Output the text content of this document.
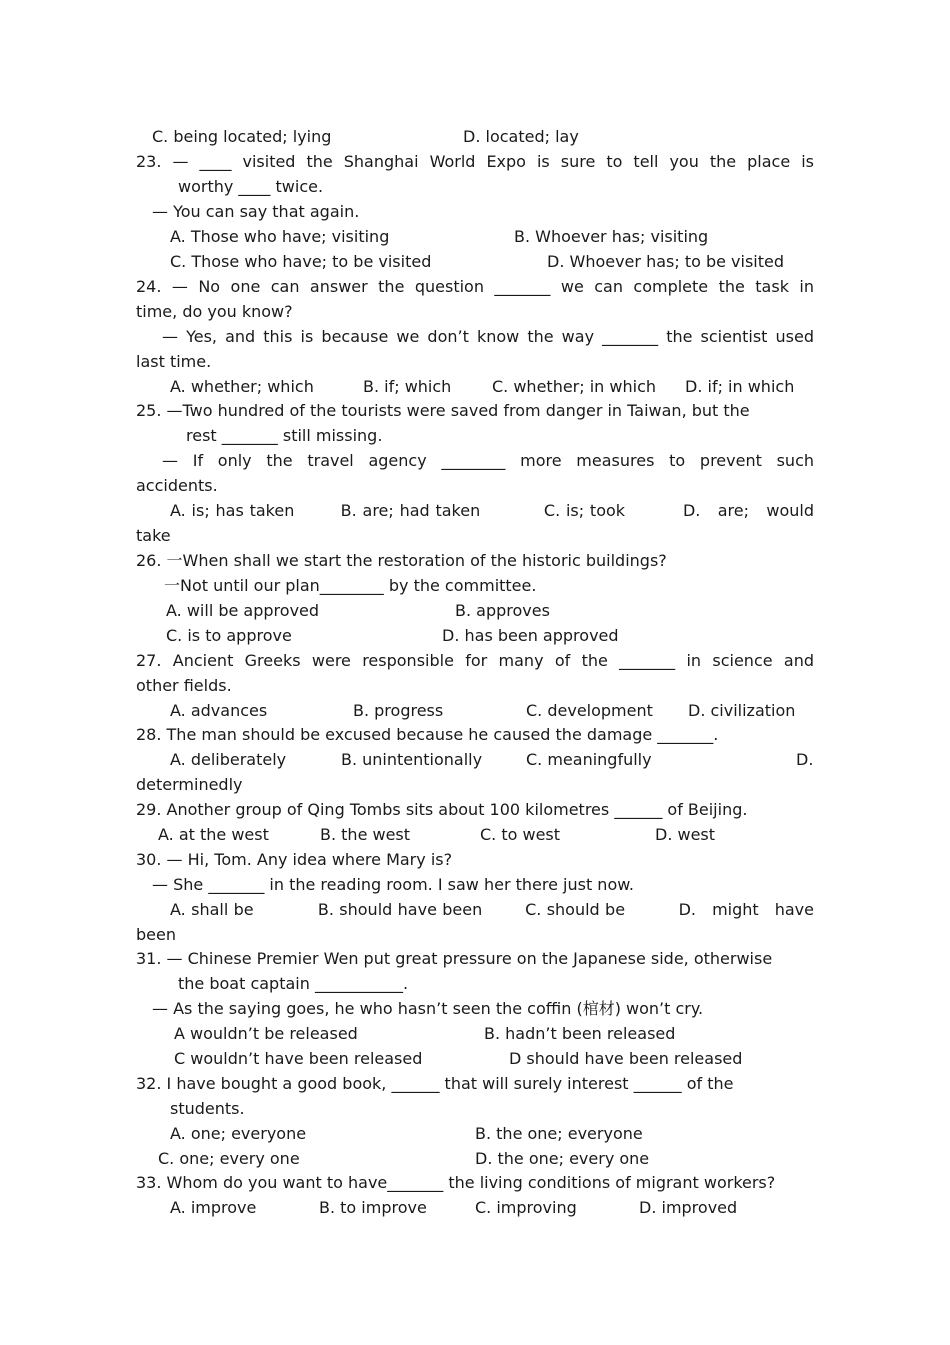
C. being located; lying

	D. located; lay

23. — ____ visited the Shanghai World Expo is sure to tell you the place is
worthy ____ twice.
— You can say that again.

A. Those who have; visiting

	B. Whoever has; visiting

C. Those who have; to be visited

	D. Whoever has; to be visited

24. — No one can answer the question _______ we can complete the task in
time, do you know?
— Yes, and this is because we don’t know the way _______ the scientist used
last time.

A. whether; which

	B. if; which

	C. whether; in which

D. if; in which

25. —Two hundred of the tourists were saved from danger in Taiwan, but the
rest _______ still missing.
— If only the travel agency ________ more measures to prevent such
accidents.
A. is; has taken        B. are; had taken           C. is; took          D.   are;   would
take
26. 一When shall we start the restoration of the historic buildings?
一Not until our plan________ by the committee.

A. will be approved

	B. approves

C. is to approve

	D. has been approved

27. Ancient Greeks were responsible for many of the _______ in science and
other fields.

A. advances

	B. progress

	C. development

D. civilization

28. The man should be excused because he caused the damage _______.

A. deliberately

	B. unintentionally

	C. meaningfully

	D.

determinedly
29. Another group of Qing Tombs sits about 100 kilometres ______ of Beijing.

A. at the west

	B. the west

	C. to west

	D. west

30. — Hi, Tom. Any idea where Mary is?
— She _______ in the reading room. I saw her there just now.
A. shall be            B. should have been        C. should be          D.   might   have
been
31. — Chinese Premier Wen put great pressure on the Japanese side, otherwise
the boat captain ___________.
— As the saying goes, he who hasn’t seen the coffin (棺材) won’t cry.

A wouldn’t be released

	B. hadn’t been released

C wouldn’t have been released

	D should have been released

32. I have bought a good book, ______ that will surely interest ______ of the
students.

A. one; everyone

	B. the one; everyone

C. one; every one

	D. the one; every one

33. Whom do you want to have_______ the living conditions of migrant workers?

A. improve

	B. to improve

	C. improving

	D. improved
